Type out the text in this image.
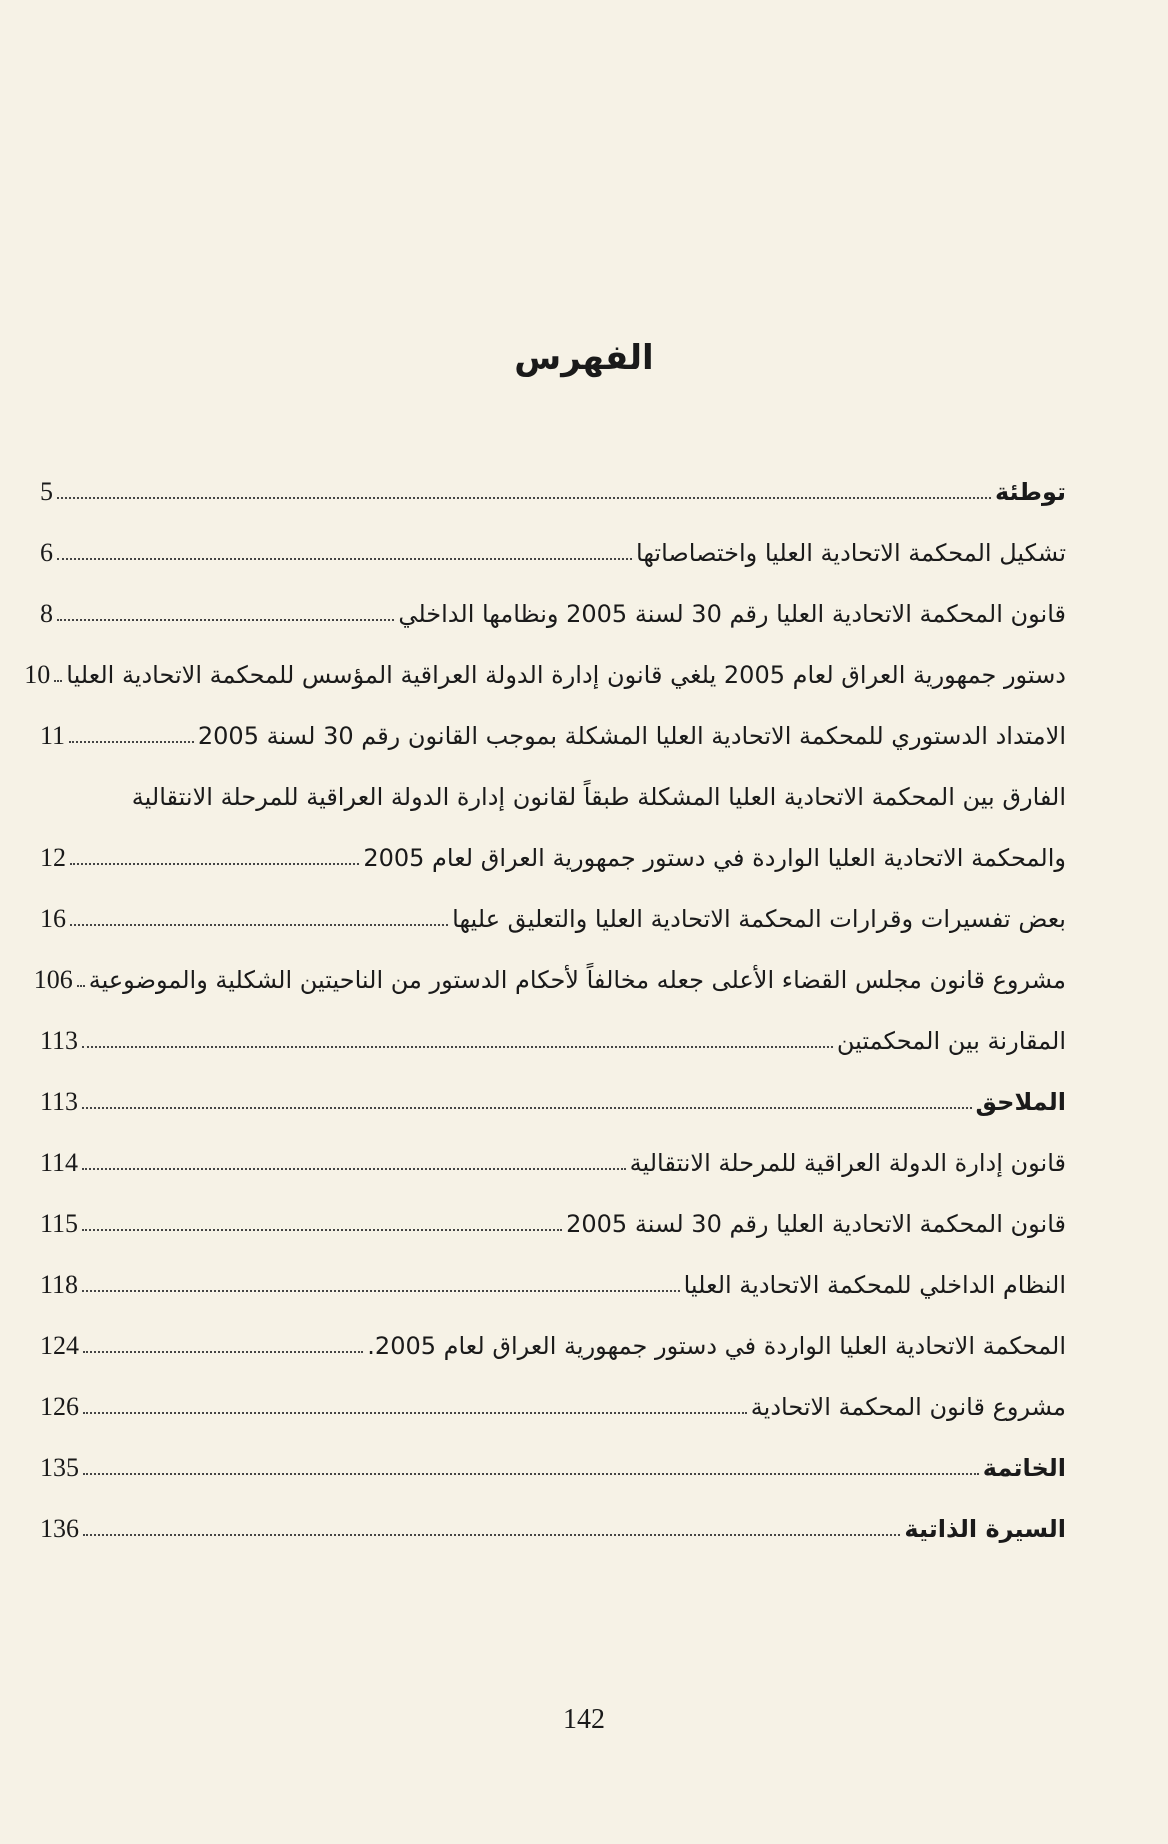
الفهرس
توطئة
5
تشكيل المحكمة الاتحادية العليا واختصاصاتها
6
قانون المحكمة الاتحادية العليا رقم 30 لسنة 2005 ونظامها الداخلي
8
دستور جمهورية العراق لعام 2005 يلغي قانون إدارة الدولة العراقية المؤسس للمحكمة الاتحادية العليا
10
الامتداد الدستوري للمحكمة الاتحادية العليا المشكلة بموجب القانون رقم 30 لسنة 2005
11
الفارق بين المحكمة الاتحادية العليا المشكلة طبقاً لقانون إدارة الدولة العراقية للمرحلة الانتقالية
والمحكمة الاتحادية العليا الواردة في دستور جمهورية العراق لعام 2005
12
بعض تفسيرات وقرارات المحكمة الاتحادية العليا والتعليق عليها
16
مشروع قانون مجلس القضاء الأعلى جعله مخالفاً لأحكام الدستور من الناحيتين الشكلية والموضوعية
106
المقارنة بين المحكمتين
113
الملاحق
113
قانون إدارة الدولة العراقية للمرحلة الانتقالية
114
قانون المحكمة الاتحادية العليا رقم 30 لسنة 2005
115
النظام الداخلي للمحكمة الاتحادية العليا
118
المحكمة الاتحادية العليا الواردة في دستور جمهورية العراق لعام 2005.
124
مشروع قانون المحكمة الاتحادية
126
الخاتمة
135
السيرة الذاتية
136
142
